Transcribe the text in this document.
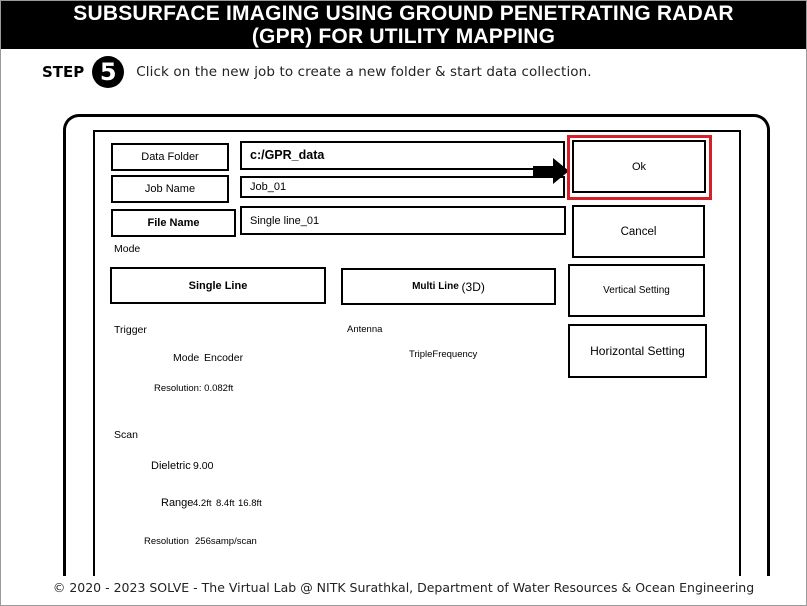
SUBSURFACE IMAGING USING GROUND PENETRATING RADAR
(GPR) FOR UTILITY MAPPING
STEP 5	Click on the new job to create a new folder & start data collection.
Data Folder
Job Name
File Name
c:/GPR_data
Job_01
Single line_01
Ok
Cancel
Vertical Setting
Horizontal Setting
Mode
Single Line	Multi Line
(3D)
Trigger
Mode Encoder
Resolution: 0.082ft
Antenna
TripleFrequency
Scan
Dieletric 9.00
Range 4.2ft 8.4ft 16.8ft
Resolution 256samp/scan
© 2020 - 2023 SOLVE - The Virtual Lab @ NITK Surathkal, Department of Water Resources & Ocean Engineering
